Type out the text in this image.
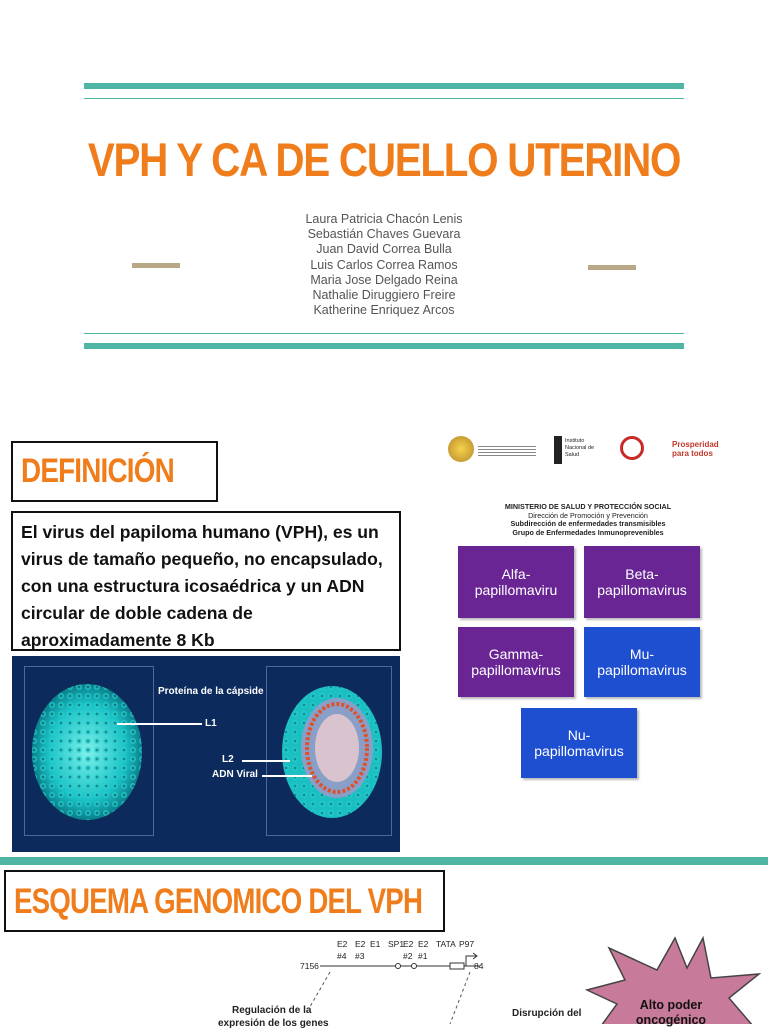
VPH Y CA DE CUELLO UTERINO
Laura Patricia Chacón Lenis
Sebastián Chaves Guevara
Juan David Correa Bulla
Luis Carlos Correa Ramos
Maria Jose Delgado Reina
Nathalie Diruggiero Freire
Katherine Enriquez Arcos
DEFINICIÓN
El virus del papiloma humano (VPH), es un virus de tamaño pequeño, no encapsulado, con una estructura icosaédrica y un ADN circular de doble cadena de aproximadamente 8 Kb
Proteína de la cápside
L1
L2
ADN Viral
Instituto Nacional de Salud
Prosperidad para todos
MINISTERIO DE SALUD Y PROTECCIÓN SOCIAL
Dirección de Promoción y Prevención
Subdirección de enfermedades transmisibles
Grupo de Enfermedades Inmunoprevenibles
Alfa-
papillomaviru
Beta-
papillomavirus
Gamma-
papillomavirus
Mu-
papillomavirus
Nu-
papillomavirus
ESQUEMA GENOMICO DEL VPH
E2
#4
E2
#3
E1 SP1
E2
#2
E2
#1
TATA P97
7156	84
Regulación de la
expresión de los genes
Disrupción del
Alto poder
oncogénico
